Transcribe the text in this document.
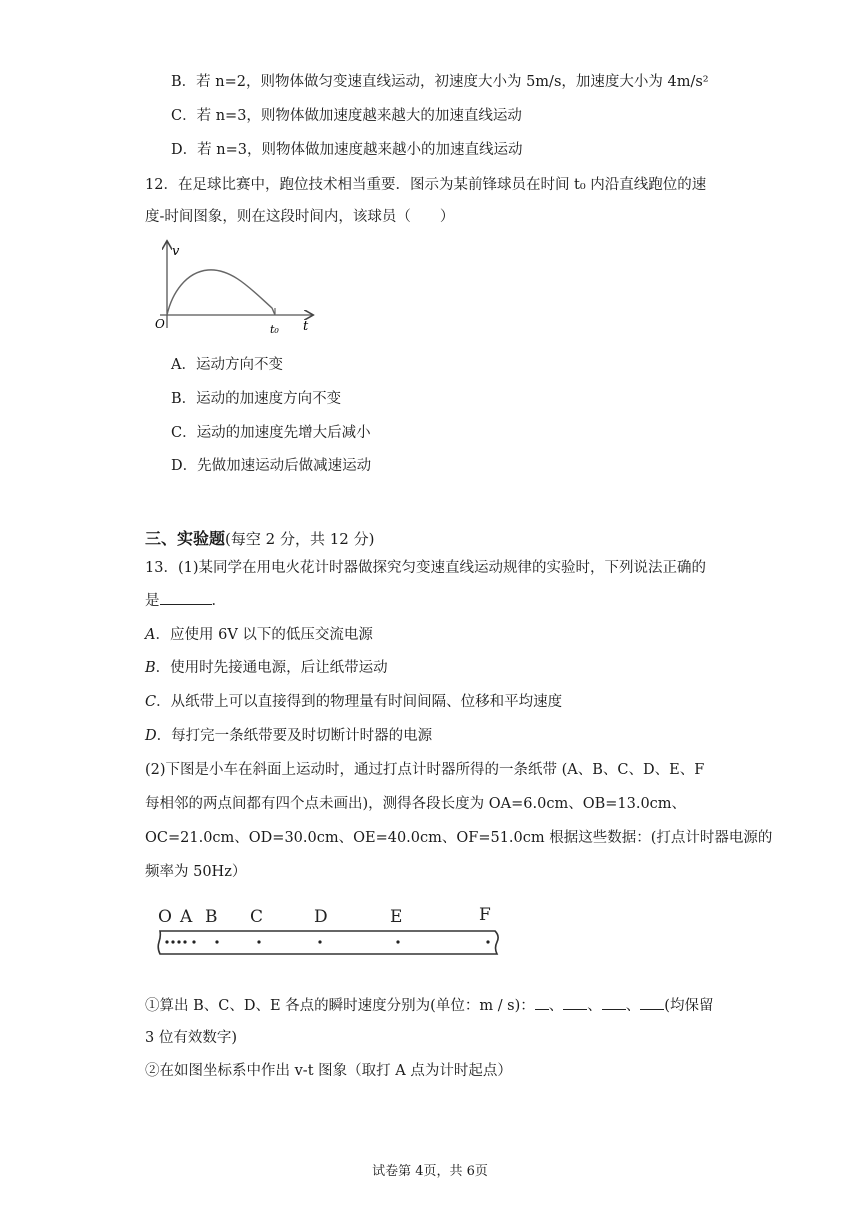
B．若 n=2，则物体做匀变速直线运动，初速度大小为 5m/s，加速度大小为 4m/s²
C．若 n=3，则物体做加速度越来越大的加速直线运动
D．若 n=3，则物体做加速度越来越小的加速直线运动
12．在足球比赛中，跑位技术相当重要．图示为某前锋球员在时间 t₀ 内沿直线跑位的速
度-时间图象，则在这段时间内，该球员（　　）
v
t
O	t₀
A．运动方向不变
B．运动的加速度方向不变
C．运动的加速度先增大后减小
D．先做加速运动后做减速运动
三、实验题(每空 2 分，共 12 分)
13．(1)某同学在用电火花计时器做探究匀变速直线运动规律的实验时，下列说法正确的
是	．
A．应使用 6V 以下的低压交流电源
B．使用时先接通电源，后让纸带运动
C．从纸带上可以直接得到的物理量有时间间隔、位移和平均速度
D．每打完一条纸带要及时切断计时器的电源
(2)下图是小车在斜面上运动时，通过打点计时器所得的一条纸带 (A、B、C、D、E、F
每相邻的两点间都有四个点未画出)，测得各段长度为 OA=6.0cm、OB=13.0cm、
OC=21.0cm、OD=30.0cm、OE=40.0cm、OF=51.0cm 根据这些数据：(打点计时器电源的
频率为 50Hz）
O A B C	D	E	F
①算出 B、C、D、E 各点的瞬时速度分别为(单位：m / s)： 、 、 、 (均保留
3 位有效数字)
②在如图坐标系中作出 v-t 图象（取打 A 点为计时起点）
试卷第 4页，共 6页
